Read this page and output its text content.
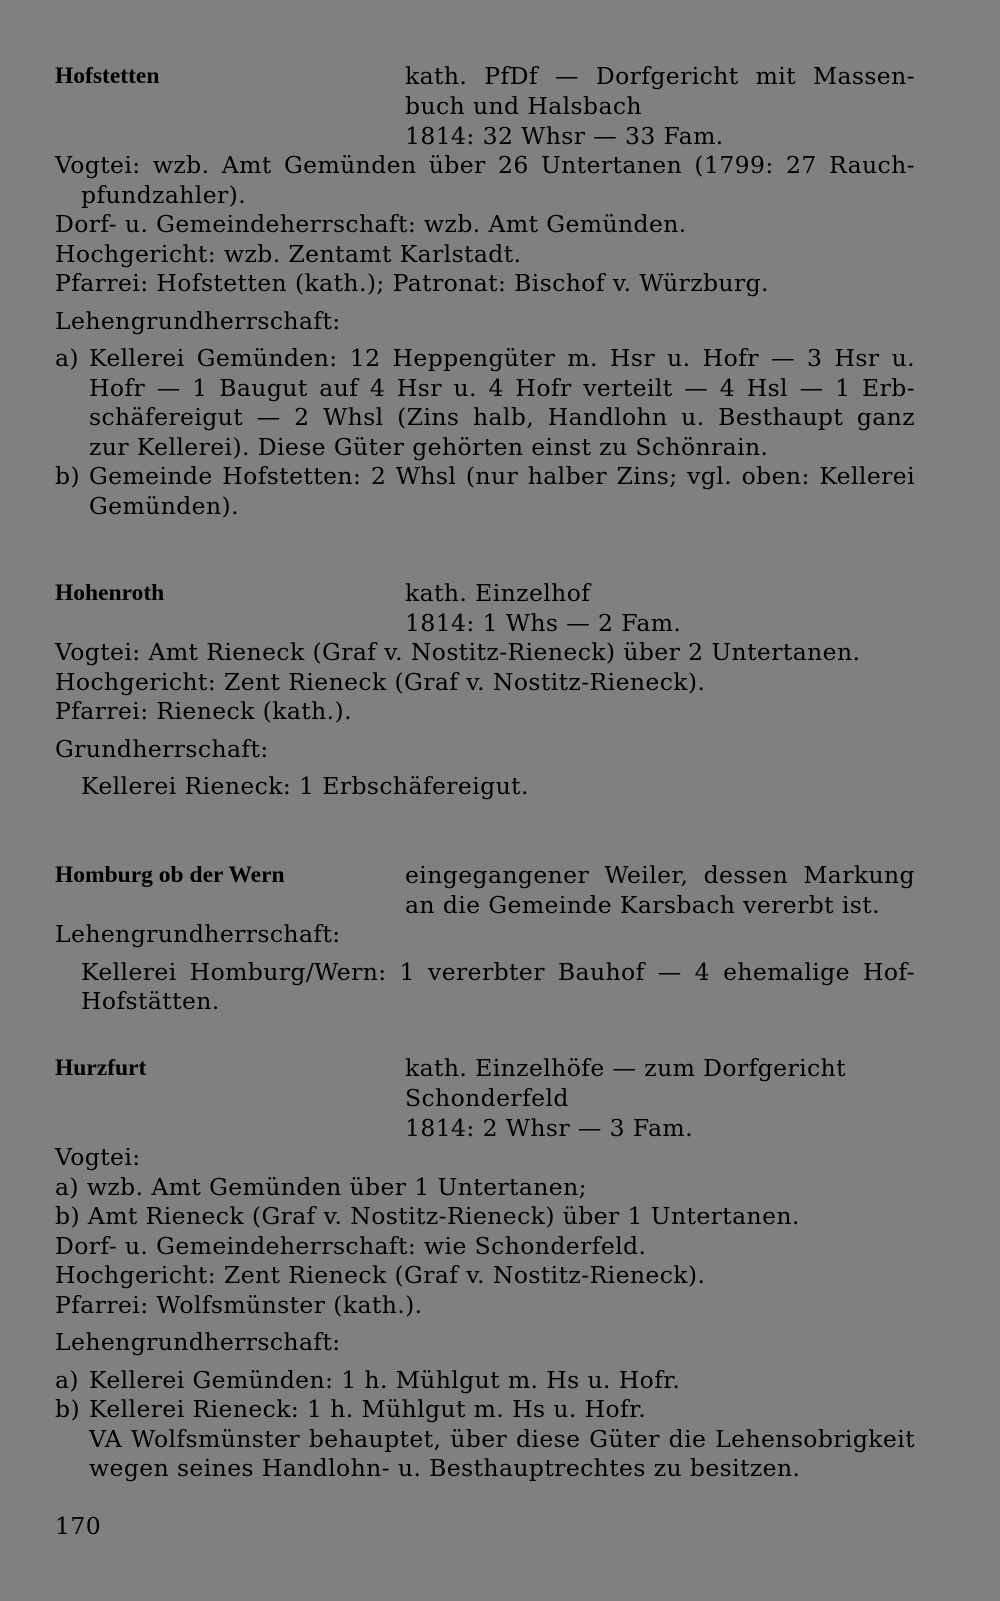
Hofstetten	kath. PfDf — Dorfgericht mit Massen-
buch und Halsbach
1814: 32 Whsr — 33 Fam.
Vogtei: wzb. Amt Gemünden über 26 Untertanen (1799: 27 Rauch-
pfundzahler).
Dorf- u. Gemeindeherrschaft: wzb. Amt Gemünden.
Hochgericht: wzb. Zentamt Karlstadt.
Pfarrei: Hofstetten (kath.); Patronat: Bischof v. Würzburg.
Lehengrundherrschaft:
a) Kellerei Gemünden: 12 Heppengüter m. Hsr u. Hofr — 3 Hsr u.
Hofr — 1 Baugut auf 4 Hsr u. 4 Hofr verteilt — 4 Hsl — 1 Erb-
schäfereigut — 2 Whsl (Zins halb, Handlohn u. Besthaupt ganz
zur Kellerei). Diese Güter gehörten einst zu Schönrain.
b) Gemeinde Hofstetten: 2 Whsl (nur halber Zins; vgl. oben: Kellerei
Gemünden).
Hohenroth	kath. Einzelhof
1814: 1 Whs — 2 Fam.
Vogtei: Amt Rieneck (Graf v. Nostitz-Rieneck) über 2 Untertanen.
Hochgericht: Zent Rieneck (Graf v. Nostitz-Rieneck).
Pfarrei: Rieneck (kath.).
Grundherrschaft:
Kellerei Rieneck: 1 Erbschäfereigut.
Homburg ob der Wern	eingegangener Weiler, dessen Markung
an die Gemeinde Karsbach vererbt ist.
Lehengrundherrschaft:
Kellerei Homburg/Wern: 1 vererbter Bauhof — 4 ehemalige Hof-
Hofstätten.
Hurzfurt	kath. Einzelhöfe — zum Dorfgericht
Schonderfeld
1814: 2 Whsr — 3 Fam.
Vogtei:
a) wzb. Amt Gemünden über 1 Untertanen;
b) Amt Rieneck (Graf v. Nostitz-Rieneck) über 1 Untertanen.
Dorf- u. Gemeindeherrschaft: wie Schonderfeld.
Hochgericht: Zent Rieneck (Graf v. Nostitz-Rieneck).
Pfarrei: Wolfsmünster (kath.).
Lehengrundherrschaft:
a) Kellerei Gemünden: 1 h. Mühlgut m. Hs u. Hofr.
b) Kellerei Rieneck: 1 h. Mühlgut m. Hs u. Hofr.
VA Wolfsmünster behauptet, über diese Güter die Lehensobrigkeit
wegen seines Handlohn- u. Besthauptrechtes zu besitzen.
170
